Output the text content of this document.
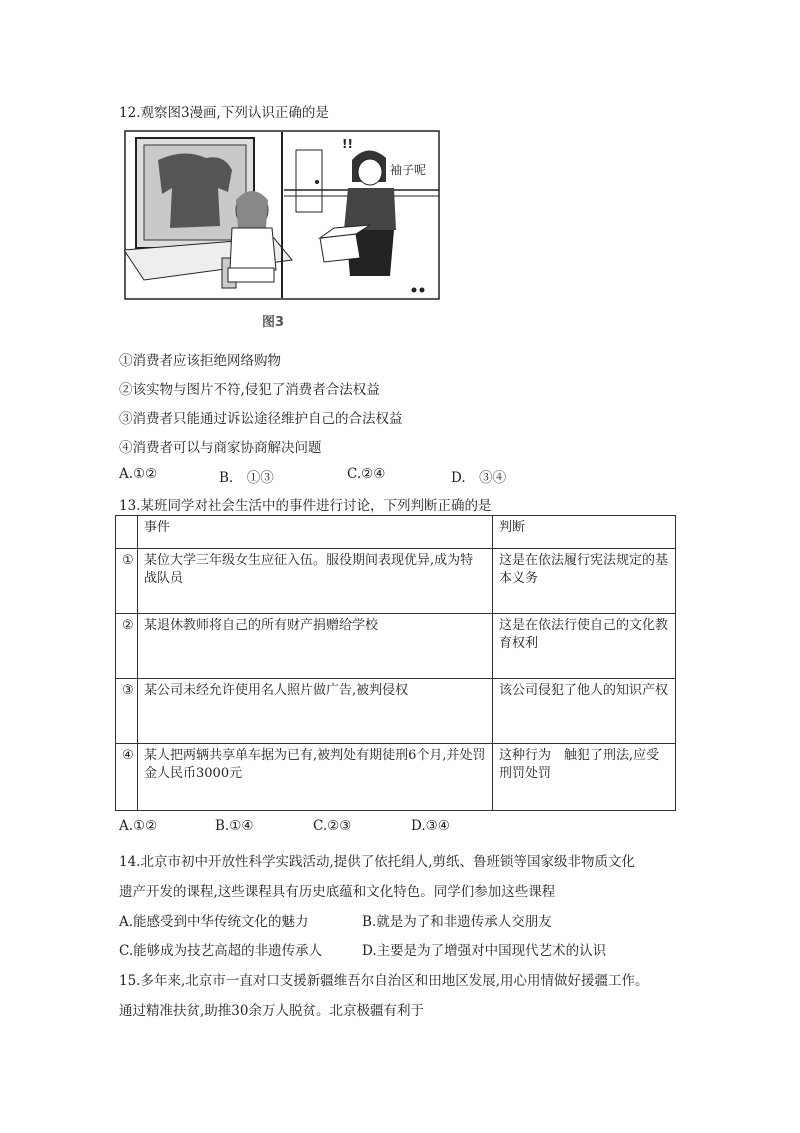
12.观察图3漫画,下列认识正确的是
!!
袖子呢
图3
①消费者应该拒绝网络购物
②该实物与图片不符,侵犯了消费者合法权益
③消费者只能通过诉讼途径维护自己的合法权益
④消费者可以与商家协商解决问题
A.①②	B.　①③	C.②④	D.　③④
13.某班同学对社会生活中的事件进行讨论，下列判断正确的是
	事件	判断
①	某位大学三年级女生应征入伍。服役期间表现优异,成为特战队员	这是在依法履行宪法规定的基本义务
②	某退休教师将自己的所有财产捐赠给学校	这是在依法行使自己的文化教育权利
③	某公司未经允许使用名人照片做广告,被判侵权	该公司侵犯了他人的知识产权
④	某人把两辆共享单车据为已有,被判处有期徒刑6个月,并处罚金人民币3000元	这种行为　触犯了刑法,应受刑罚处罚
A.①②	B.①④	C.②③	D.③④
14.北京市初中开放性科学实践活动,提供了依托绢人,剪纸、鲁班锁等国家级非物质文化
遗产开发的课程,这些课程具有历史底蕴和文化特色。同学们参加这些课程
A.能感受到中华传统文化的魅力	B.就是为了和非遗传承人交朋友
C.能够成为技艺高超的非遗传承人	D.主要是为了增强对中国现代艺术的认识
15.多年来,北京市一直对口支援新疆维吾尔自治区和田地区发展,用心用情做好援疆工作。
通过精准扶贫,助推30余万人脱贫。北京极疆有利于
